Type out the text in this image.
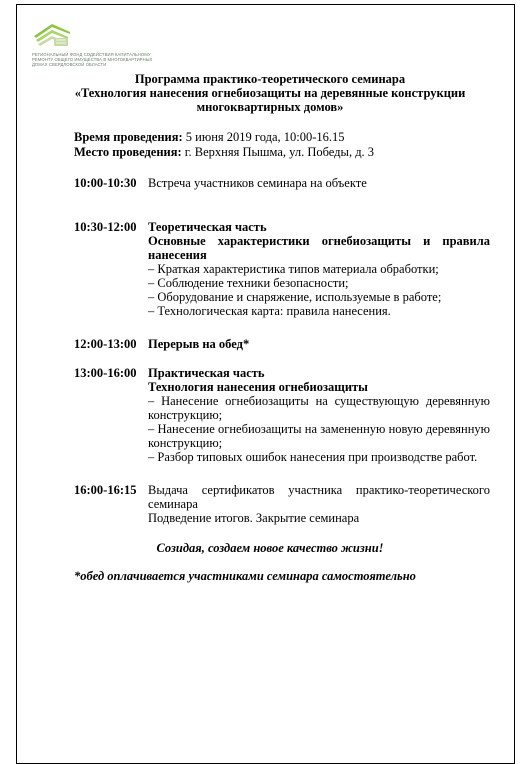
РЕГИОНАЛЬНЫЙ ФОНД СОДЕЙСТВИЯ КАПИТАЛЬНОМУ
РЕМОНТУ ОБЩЕГО ИМУЩЕСТВА В МНОГОКВАРТИРНЫХ
ДОМАХ СВЕРДЛОВСКОЙ ОБЛАСТИ
Программа практико-теоретического семинара
«Технология нанесения огнебиозащиты на деревянные конструкции
многоквартирных домов»
Время проведения: 5 июня 2019 года, 10:00-16.15
Место проведения: г. Верхняя Пышма, ул. Победы, д. 3
10:00-10:30 Встреча участников семинара на объекте
10:30-12:00 Теоретическая часть
Основные характеристики огнебиозащиты и правила
нанесения
– Краткая характеристика типов материала обработки;
– Соблюдение техники безопасности;
– Оборудование и снаряжение, используемые в работе;
– Технологическая карта: правила нанесения.
12:00-13:00 Перерыв на обед*
13:00-16:00 Практическая часть
Технология нанесения огнебиозащиты
– Нанесение огнебиозащиты на существующую деревянную
конструкцию;
– Нанесение огнебиозащиты на замененную новую деревянную
конструкцию;
– Разбор типовых ошибок нанесения при производстве работ.
16:00-16:15 Выдача сертификатов участника практико-теоретического
семинара
Подведение итогов. Закрытие семинара
Созидая, создаем новое качество жизни!
*обед оплачивается участниками семинара самостоятельно
